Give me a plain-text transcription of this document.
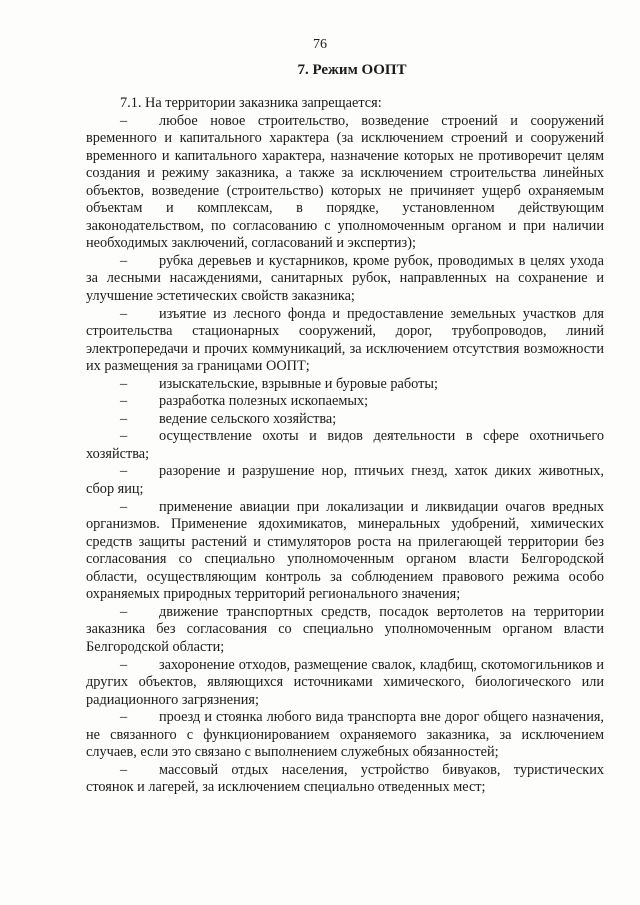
76
7. Режим ООПТ

7.1. На территории заказника запрещается:

– любое новое строительство, возведение строений и сооружений временного и капитального характера (за исключением строений и сооружений временного и капитального характера, назначение которых не противоречит целям создания и режиму заказника, а также за исключением строительства линейных объектов, возведение (строительство) которых не причиняет ущерб охраняемым объектам и комплексам, в порядке, установленном действующим законодательством, по согласованию с уполномоченным органом и при наличии необходимых заключений, согласований и экспертиз);

– рубка деревьев и кустарников, кроме рубок, проводимых в целях ухода за лесными насаждениями, санитарных рубок, направленных на сохранение и улучшение эстетических свойств заказника;

– изъятие из лесного фонда и предоставление земельных участков для строительства стационарных сооружений, дорог, трубопроводов, линий электропередачи и прочих коммуникаций, за исключением отсутствия возможности их размещения за границами ООПТ;

– изыскательские, взрывные и буровые работы;

– разработка полезных ископаемых;

– ведение сельского хозяйства;

– осуществление охоты и видов деятельности в сфере охотничьего хозяйства;

– разорение и разрушение нор, птичьих гнезд, хаток диких животных, сбор яиц;

– применение авиации при локализации и ликвидации очагов вредных организмов. Применение ядохимикатов, минеральных удобрений, химических средств защиты растений и стимуляторов роста на прилегающей территории без согласования со специально уполномоченным органом власти Белгородской области, осуществляющим контроль за соблюдением правового режима особо охраняемых природных территорий регионального значения;

– движение транспортных средств, посадок вертолетов на территории заказника без согласования со специально уполномоченным органом власти Белгородской области;

– захоронение отходов, размещение свалок, кладбищ, скотомогильников и других объектов, являющихся источниками химического, биологического или радиационного загрязнения;

– проезд и стоянка любого вида транспорта вне дорог общего назначения, не связанного с функционированием охраняемого заказника, за исключением случаев, если это связано с выполнением служебных обязанностей;

– массовый отдых населения, устройство бивуаков, туристических стоянок и лагерей, за исключением специально отведенных мест;
